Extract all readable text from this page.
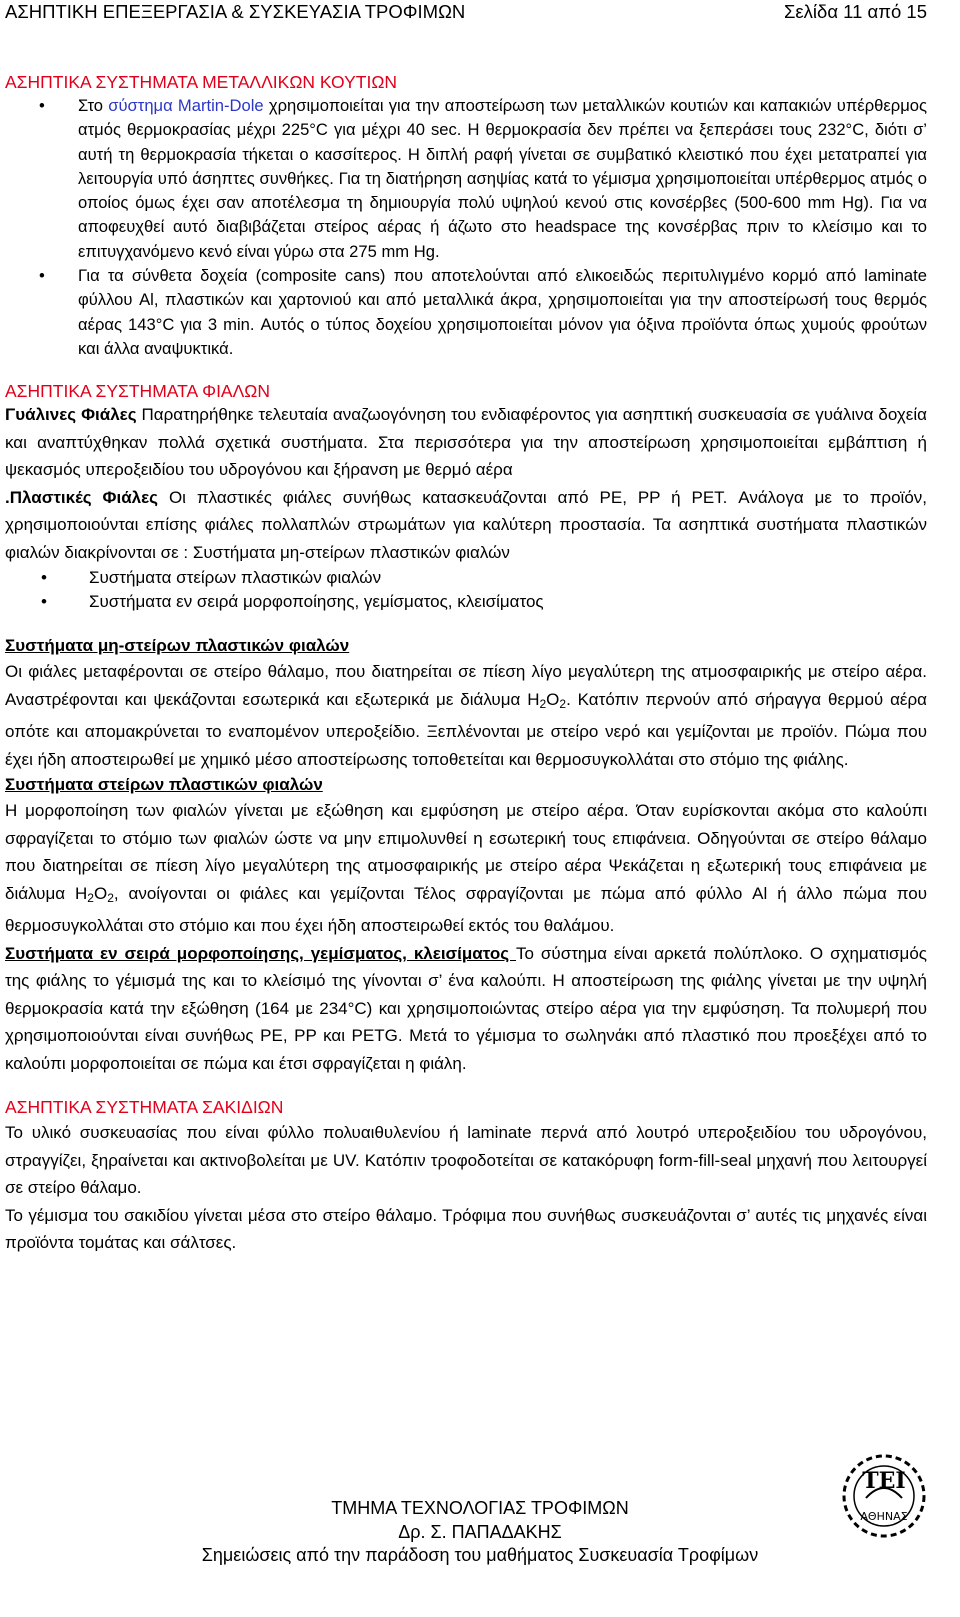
ΑΣΗΠΤΙΚΗ ΕΠΕΞΕΡΓΑΣΙΑ & ΣΥΣΚΕΥΑΣΙΑ ΤΡΟΦΙΜΩΝ	Σελίδα 11 από 15
ΑΣΗΠΤΙΚΑ ΣΥΣΤΗΜΑΤΑ ΜΕΤΑΛΛΙΚΩΝ ΚΟΥΤΙΩΝ
• Στο σύστημα Martin-Dole χρησιμοποιείται για την αποστείρωση των μεταλλικών κουτιών και καπακιών υπέρθερμος ατμός θερμοκρασίας μέχρι 225°C για μέχρι 40 sec. Η θερμοκρασία δεν πρέπει να ξεπεράσει τους 232°C, διότι σ’ αυτή τη θερμοκρασία τήκεται ο κασσίτερος. Η διπλή ραφή γίνεται σε συμβατικό κλειστικό που έχει μετατραπεί για λειτουργία υπό άσηπτες συνθήκες. Για τη διατήρηση ασηψίας κατά το γέμισμα χρησιμοποιείται υπέρθερμος ατμός ο οποίος όμως έχει σαν αποτέλεσμα τη δημιουργία πολύ υψηλού κενού στις κονσέρβες (500-600 mm Hg). Για να αποφευχθεί αυτό διαβιβάζεται στείρος αέρας ή άζωτο στο headspace της κονσέρβας πριν το κλείσιμο και το επιτυγχανόμενο κενό είναι γύρω στα 275 mm Hg.
• Για τα σύνθετα δοχεία (composite cans) που αποτελούνται από ελικοειδώς περιτυλιγμένο κορμό από laminate φύλλου Al, πλαστικών και χαρτονιού και από μεταλλικά άκρα, χρησιμοποιείται για την αποστείρωσή τους θερμός αέρας 143°C για 3 min. Αυτός ο τύπος δοχείου χρησιμοποιείται μόνον για όξινα προϊόντα όπως χυμούς φρούτων και άλλα αναψυκτικά.
ΑΣΗΠΤΙΚΑ ΣΥΣΤΗΜΑΤΑ ΦΙΑΛΩΝ

Γυάλινες Φιάλες Παρατηρήθηκε τελευταία αναζωογόνηση του ενδιαφέροντος για ασηπτική συσκευασία σε γυάλινα δοχεία και αναπτύχθηκαν πολλά σχετικά συστήματα. Στα περισσότερα για την αποστείρωση χρησιμοποιείται εμβάπτιση ή ψεκασμός υπεροξειδίου του υδρογόνου και ξήρανση με θερμό αέρα

.Πλαστικές Φιάλες Οι πλαστικές φιάλες συνήθως κατασκευάζονται από PE, PP ή PET. Ανάλογα με το προϊόν, χρησιμοποιούνται επίσης φιάλες πολλαπλών στρωμάτων για καλύτερη προστασία. Τα ασηπτικά συστήματα πλαστικών φιαλών διακρίνονται σε : Συστήματα μη-στείρων πλαστικών φιαλών

• Συστήματα στείρων πλαστικών φιαλών
• Συστήματα εν σειρά μορφοποίησης, γεμίσματος, κλεισίματος
Συστήματα μη-στείρων πλαστικών φιαλών

Οι φιάλες μεταφέρονται σε στείρο θάλαμο, που διατηρείται σε πίεση λίγο μεγαλύτερη της ατμοσφαιρικής με στείρο αέρα. Αναστρέφονται και ψεκάζονται εσωτερικά και εξωτερικά με διάλυμα H2O2. Κατόπιν περνούν από σήραγγα θερμού αέρα οπότε και απομακρύνεται το εναπομένον υπεροξείδιο. Ξεπλένονται με στείρο νερό και γεμίζονται με προϊόν. Πώμα που έχει ήδη αποστειρωθεί με χημικό μέσο αποστείρωσης τοποθετείται και θερμοσυγκολλάται στο στόμιο της φιάλης.

Συστήματα στείρων πλαστικών φιαλών

Η μορφοποίηση των φιαλών γίνεται με εξώθηση και εμφύσηση με στείρο αέρα. Όταν ευρίσκονται ακόμα στο καλούπι σφραγίζεται το στόμιο των φιαλών ώστε να μην επιμολυνθεί η εσωτερική τους επιφάνεια. Οδηγούνται σε στείρο θάλαμο που διατηρείται σε πίεση λίγο μεγαλύτερη της ατμοσφαιρικής με στείρο αέρα Ψεκάζεται η εξωτερική τους επιφάνεια με διάλυμα H2O2, ανοίγονται οι φιάλες και γεμίζονται Τέλος σφραγίζονται με πώμα από φύλλο Al ή άλλο πώμα που θερμοσυγκολλάται στο στόμιο και που έχει ήδη αποστειρωθεί εκτός του θαλάμου.

Συστήματα εν σειρά μορφοποίησης, γεμίσματος, κλεισίματος Το σύστημα είναι αρκετά πολύπλοκο. Ο σχηματισμός της φιάλης το γέμισμά της και το κλείσιμό της γίνονται σ’ ένα καλούπι. Η αποστείρωση της φιάλης γίνεται με την υψηλή θερμοκρασία κατά την εξώθηση (164 με 234°C) και χρησιμοποιώντας στείρο αέρα για την εμφύσηση. Τα πολυμερή που χρησιμοποιούνται είναι συνήθως PE, PP και PETG. Μετά το γέμισμα το σωληνάκι από πλαστικό που προεξέχει από το καλούπι μορφοποιείται σε πώμα και έτσι σφραγίζεται η φιάλη.

ΑΣΗΠΤΙΚΑ ΣΥΣΤΗΜΑΤΑ ΣΑΚΙΔΙΩΝ

Το υλικό συσκευασίας που είναι φύλλο πολυαιθυλενίου ή laminate περνά από λουτρό υπεροξειδίου του υδρογόνου, στραγγίζει, ξηραίνεται και ακτινοβολείται με UV. Κατόπιν τροφοδοτείται σε κατακόρυφη form-fill-seal μηχανή που λειτουργεί σε στείρο θάλαμο.

Το γέμισμα του σακιδίου γίνεται μέσα στο στείρο θάλαμο. Τρόφιμα που συνήθως συσκευάζονται σ’ αυτές τις μηχανές είναι προϊόντα τομάτας και σάλτσες.

ΤΜΗΜΑ ΤΕΧΝΟΛΟΓΙΑΣ ΤΡΟΦΙΜΩΝ
Δρ. Σ. ΠΑΠΑΔΑΚΗΣ
Σημειώσεις από την παράδοση του μαθήματος Συσκευασία Τροφίμων
ΤΕΙ
ΑΘΗΝΑΣ
